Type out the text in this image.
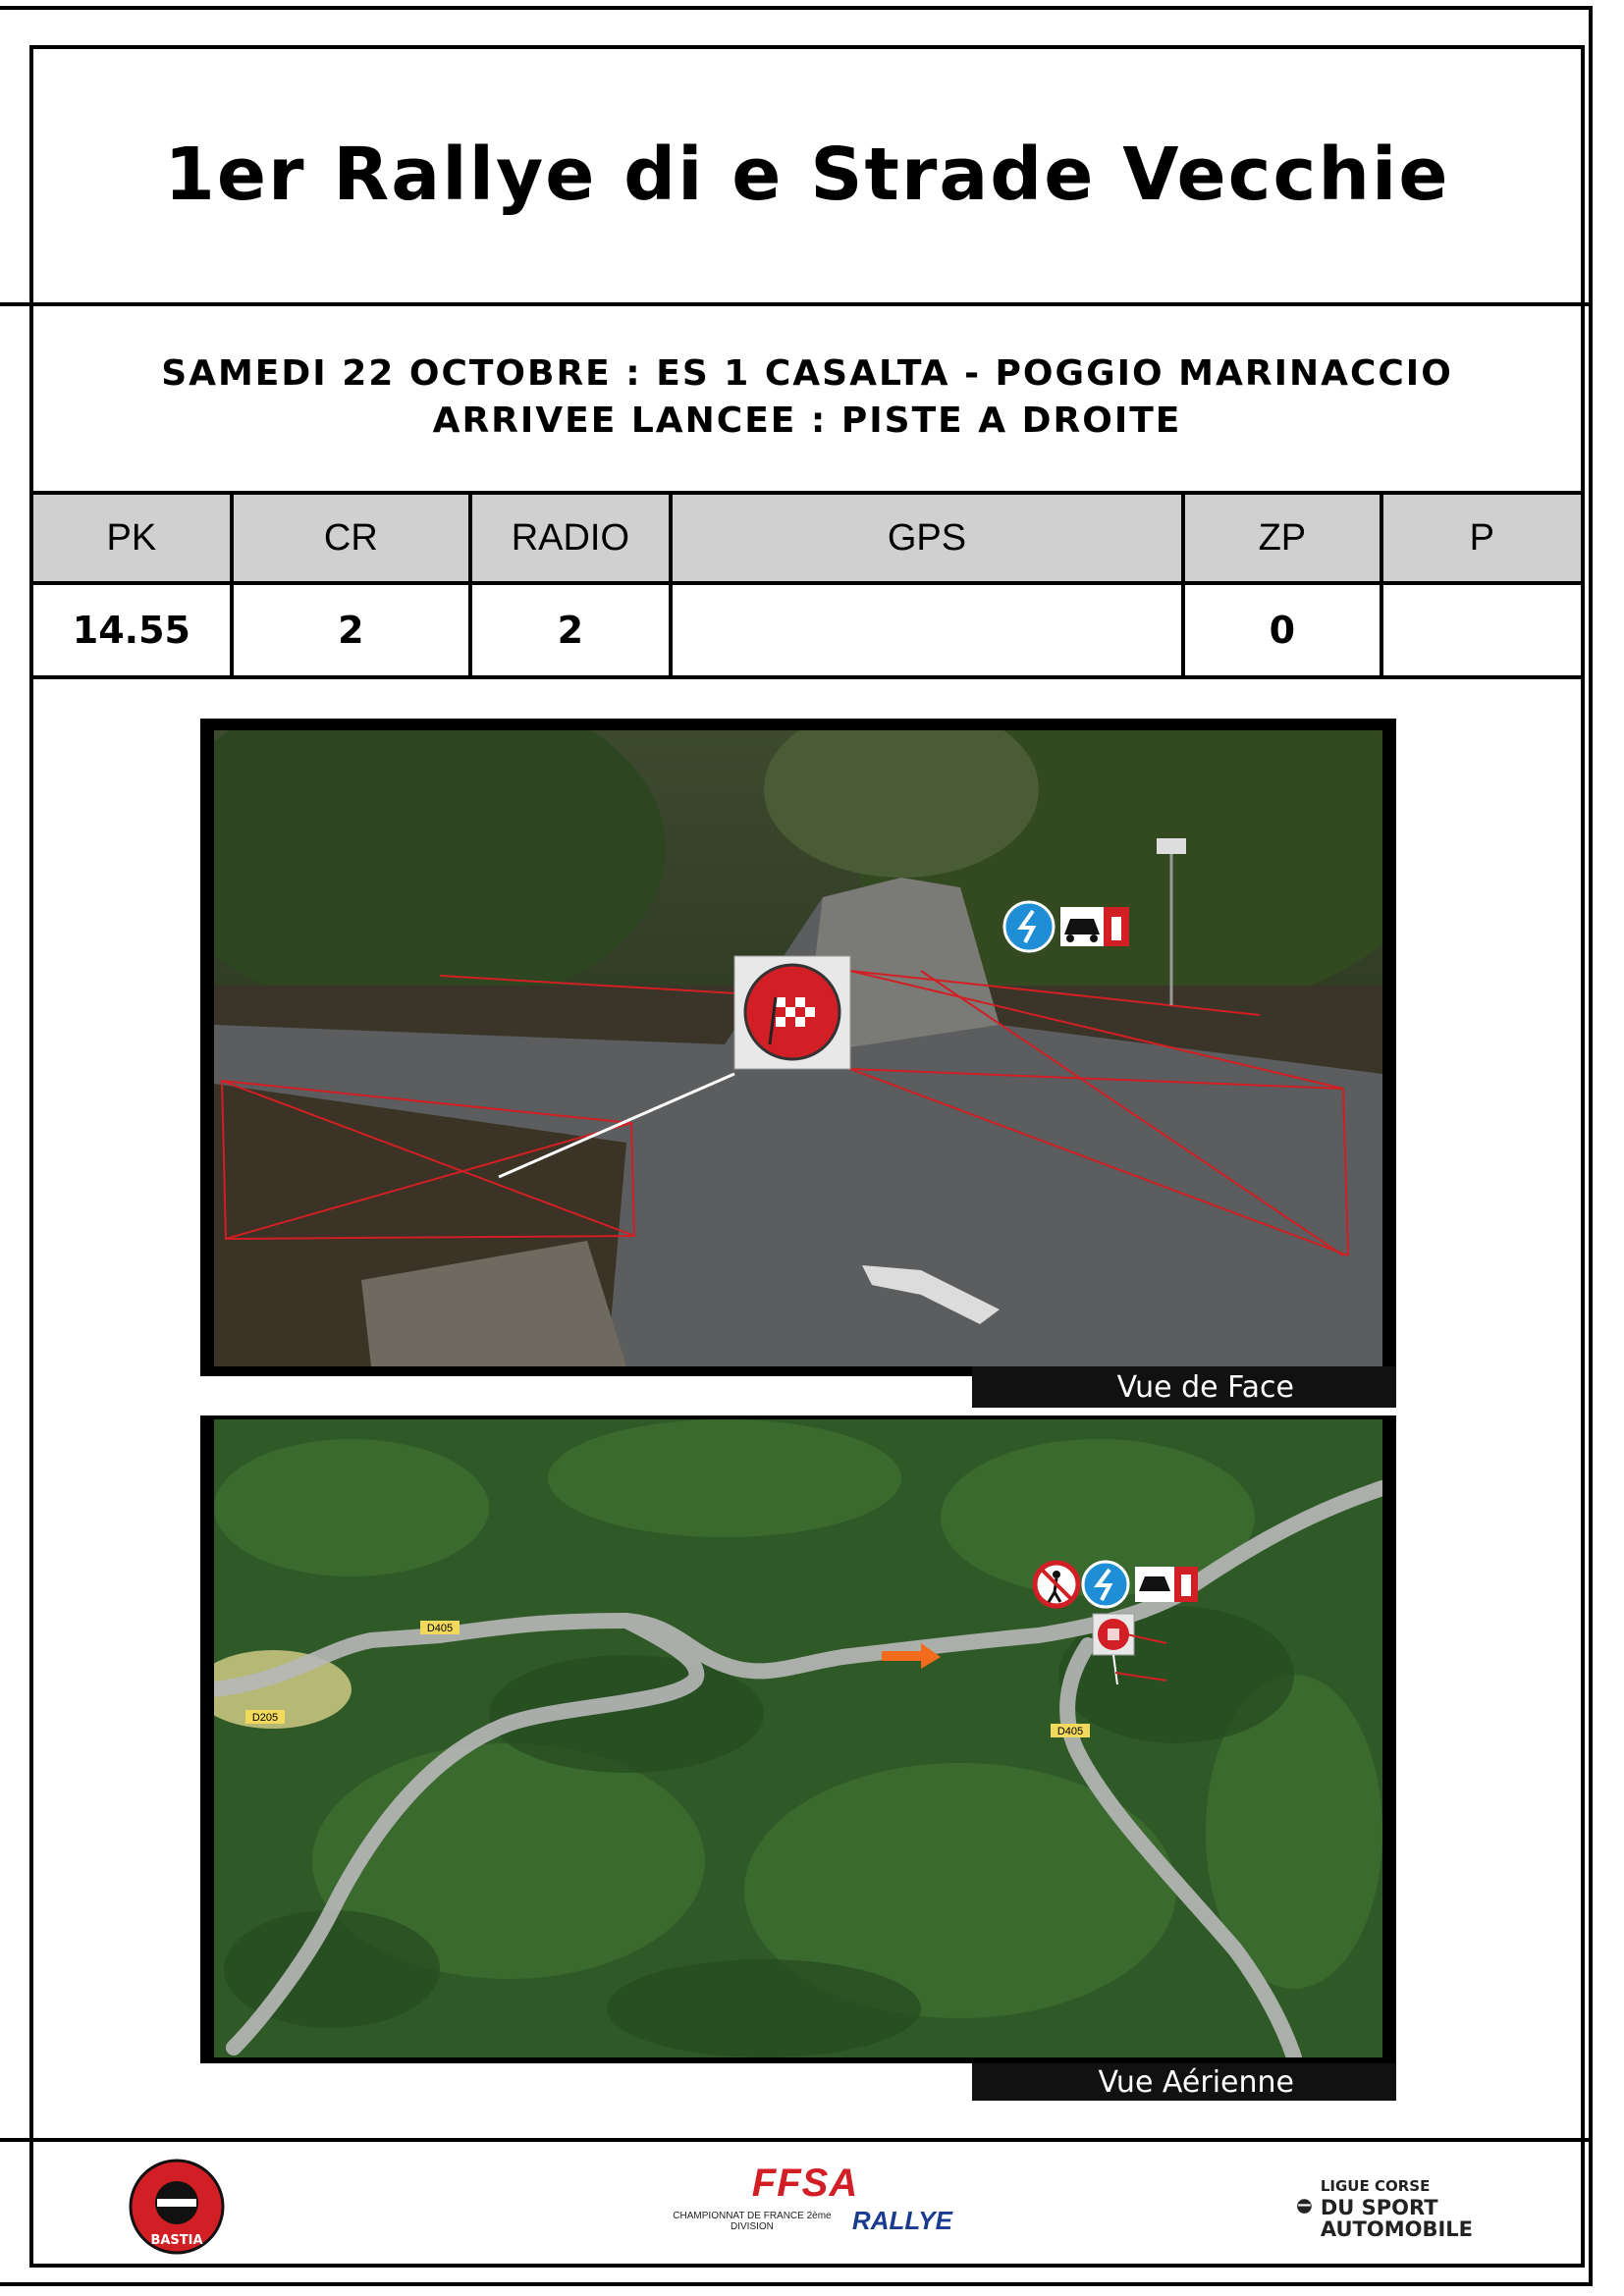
1er Rallye di e Strade Vecchie
SAMEDI 22 OCTOBRE : ES 1 CASALTA - POGGIO MARINACCIO
ARRIVEE LANCEE : PISTE A DROITE
PK	CR	RADIO	GPS	ZP	P
14.55	2	2		0	
Vue de Face
D405
D205
D405
Vue Aérienne
BASTIA
FFSA
CHAMPIONNAT DE FRANCE 2ème DIVISION	RALLYE
LIGUE CORSE
DU SPORT
AUTOMOBILE
